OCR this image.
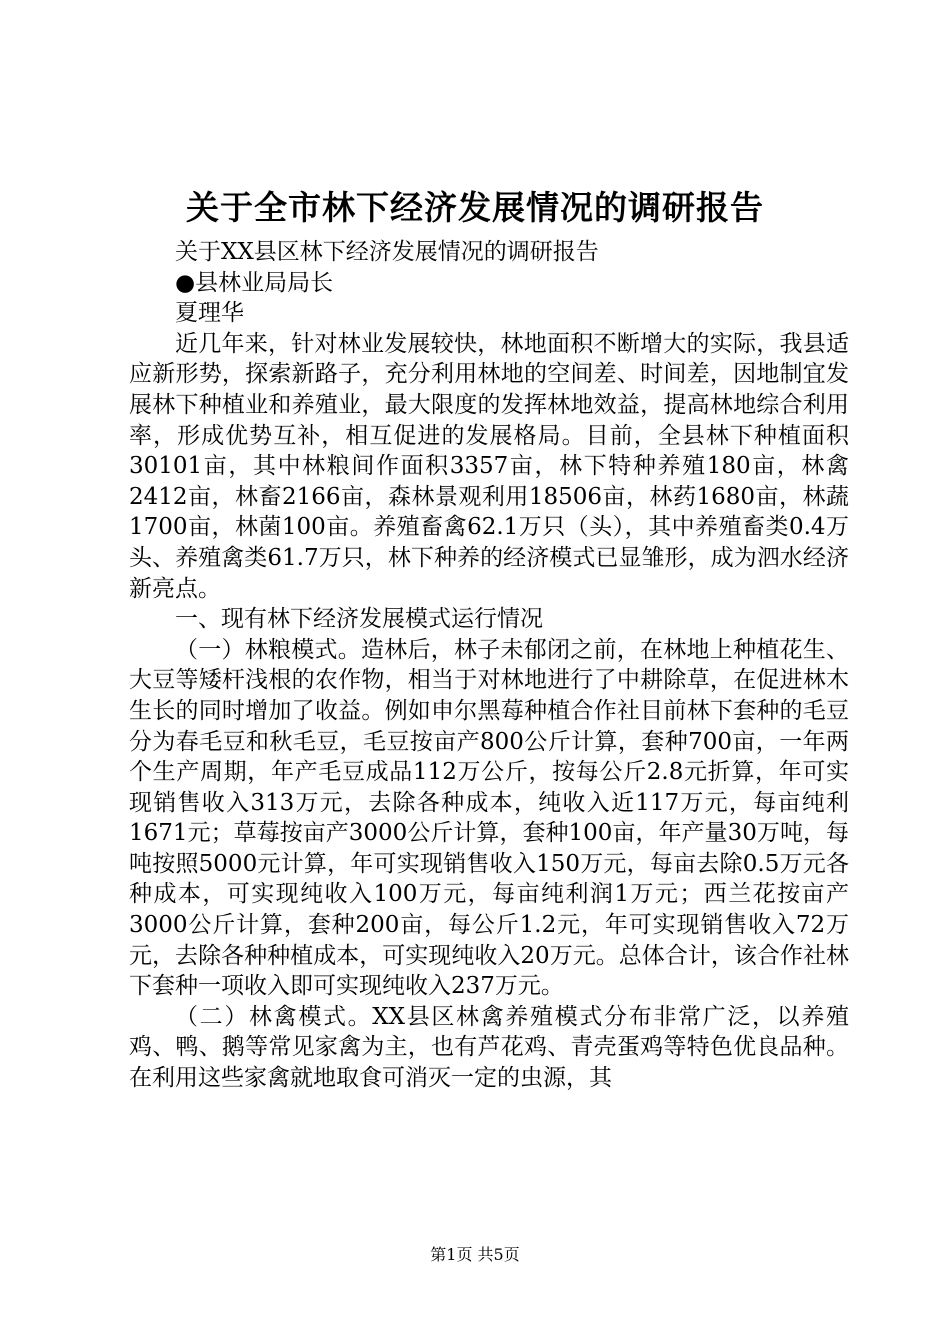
关于全市林下经济发展情况的调研报告

关于XX县区林下经济发展情况的调研报告

●县林业局局长

夏理华

近几年来，针对林业发展较快，林地面积不断增大的实际，我县适应新形势，探索新路子，充分利用林地的空间差、时间差，因地制宜发展林下种植业和养殖业，最大限度的发挥林地效益，提高林地综合利用率，形成优势互补，相互促进的发展格局。目前，全县林下种植面积30101亩，其中林粮间作面积3357亩，林下特种养殖180亩，林禽2412亩，林畜2166亩，森林景观利用18506亩，林药1680亩，林蔬1700亩，林菌100亩。养殖畜禽62.1万只（头），其中养殖畜类0.4万头、养殖禽类61.7万只，林下种养的经济模式已显雏形，成为泗水经济新亮点。

一、现有林下经济发展模式运行情况

（一）林粮模式。造林后，林子未郁闭之前，在林地上种植花生、大豆等矮杆浅根的农作物，相当于对林地进行了中耕除草，在促进林木生长的同时增加了收益。例如申尔黑莓种植合作社目前林下套种的毛豆分为春毛豆和秋毛豆，毛豆按亩产800公斤计算，套种700亩，一年两个生产周期，年产毛豆成品112万公斤，按每公斤2.8元折算，年可实现销售收入313万元，去除各种成本，纯收入近117万元，每亩纯利1671元；草莓按亩产3000公斤计算，套种100亩，年产量30万吨，每吨按照5000元计算，年可实现销售收入150万元，每亩去除0.5万元各种成本，可实现纯收入100万元，每亩纯利润1万元；西兰花按亩产3000公斤计算，套种200亩，每公斤1.2元，年可实现销售收入72万元，去除各种种植成本，可实现纯收入20万元。总体合计，该合作社林下套种一项收入即可实现纯收入237万元。

（二）林禽模式。XX县区林禽养殖模式分布非常广泛，以养殖鸡、鸭、鹅等常见家禽为主，也有芦花鸡、青壳蛋鸡等特色优良品种。在利用这些家禽就地取食可消灭一定的虫源，其

第1页 共5页
